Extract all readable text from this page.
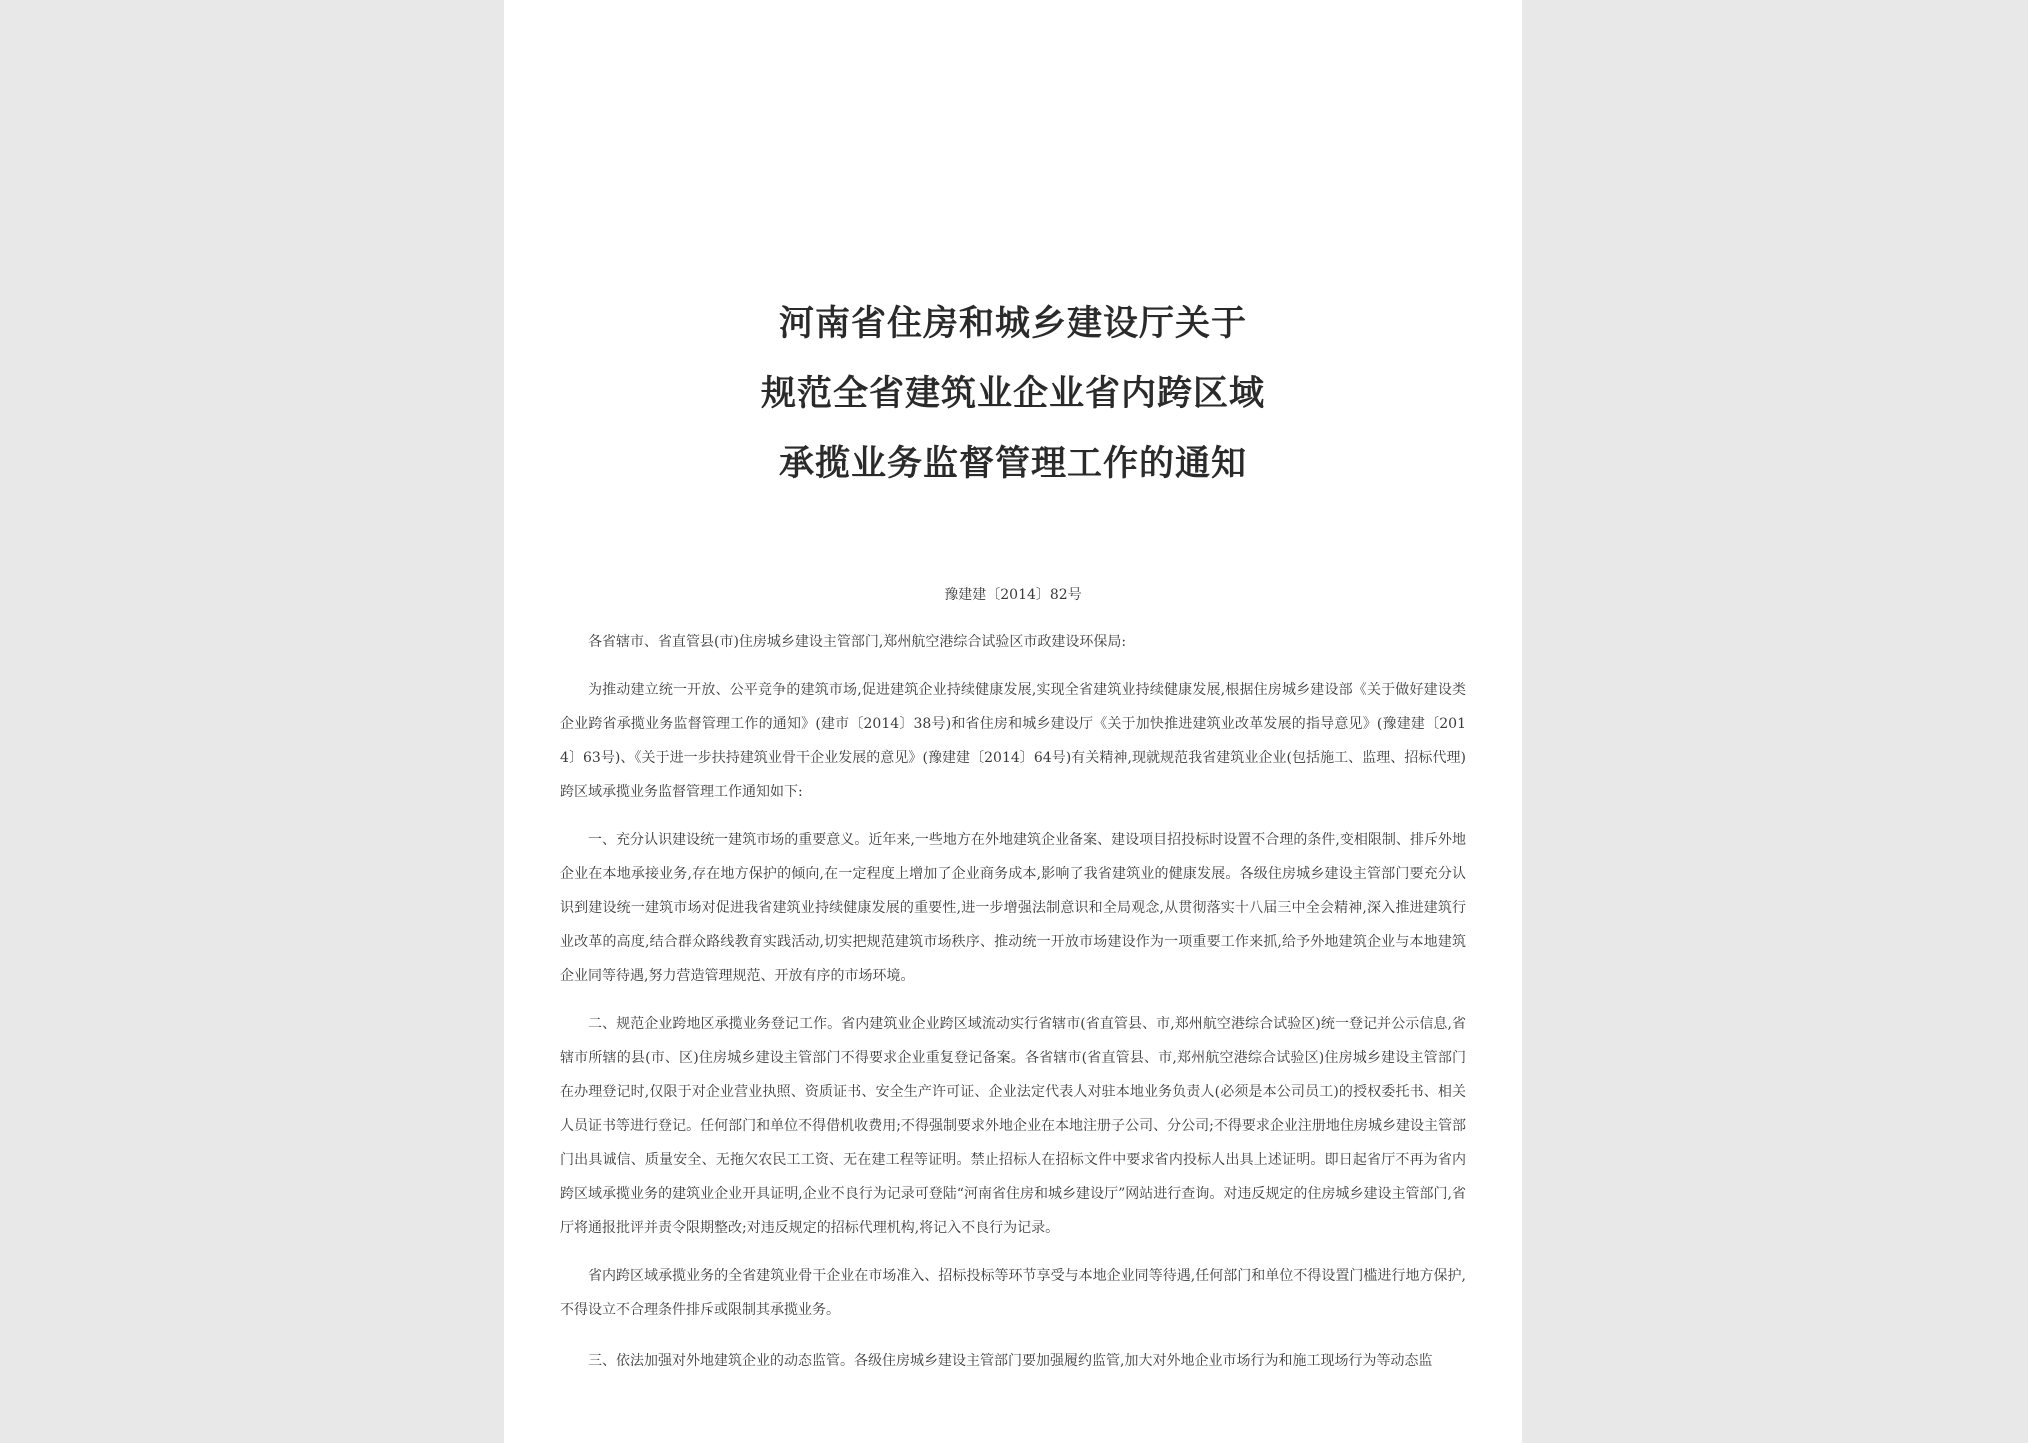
河南省住房和城乡建设厅关于
规范全省建筑业企业省内跨区域
承揽业务监督管理工作的通知
豫建建〔2014〕82号
各省辖市、省直管县(市)住房城乡建设主管部门,郑州航空港综合试验区市政建设环保局:

为推动建立统一开放、公平竞争的建筑市场,促进建筑企业持续健康发展,实现全省建筑业持续健康发展,根据住房城乡建设部《关于做好建设类企业跨省承揽业务监督管理工作的通知》(建市〔2014〕38号)和省住房和城乡建设厅《关于加快推进建筑业改革发展的指导意见》(豫建建〔2014〕63号)、《关于进一步扶持建筑业骨干企业发展的意见》(豫建建〔2014〕64号)有关精神,现就规范我省建筑业企业(包括施工、监理、招标代理)跨区域承揽业务监督管理工作通知如下:

一、充分认识建设统一建筑市场的重要意义。近年来,一些地方在外地建筑企业备案、建设项目招投标时设置不合理的条件,变相限制、排斥外地企业在本地承接业务,存在地方保护的倾向,在一定程度上增加了企业商务成本,影响了我省建筑业的健康发展。各级住房城乡建设主管部门要充分认识到建设统一建筑市场对促进我省建筑业持续健康发展的重要性,进一步增强法制意识和全局观念,从贯彻落实十八届三中全会精神,深入推进建筑行业改革的高度,结合群众路线教育实践活动,切实把规范建筑市场秩序、推动统一开放市场建设作为一项重要工作来抓,给予外地建筑企业与本地建筑企业同等待遇,努力营造管理规范、开放有序的市场环境。

二、规范企业跨地区承揽业务登记工作。省内建筑业企业跨区域流动实行省辖市(省直管县、市,郑州航空港综合试验区)统一登记并公示信息,省辖市所辖的县(市、区)住房城乡建设主管部门不得要求企业重复登记备案。各省辖市(省直管县、市,郑州航空港综合试验区)住房城乡建设主管部门在办理登记时,仅限于对企业营业执照、资质证书、安全生产许可证、企业法定代表人对驻本地业务负责人(必须是本公司员工)的授权委托书、相关人员证书等进行登记。任何部门和单位不得借机收费用;不得强制要求外地企业在本地注册子公司、分公司;不得要求企业注册地住房城乡建设主管部门出具诚信、质量安全、无拖欠农民工工资、无在建工程等证明。禁止招标人在招标文件中要求省内投标人出具上述证明。即日起省厅不再为省内跨区域承揽业务的建筑业企业开具证明,企业不良行为记录可登陆“河南省住房和城乡建设厅”网站进行查询。对违反规定的住房城乡建设主管部门,省厅将通报批评并责令限期整改;对违反规定的招标代理机构,将记入不良行为记录。

省内跨区域承揽业务的全省建筑业骨干企业在市场准入、招标投标等环节享受与本地企业同等待遇,任何部门和单位不得设置门槛进行地方保护,不得设立不合理条件排斥或限制其承揽业务。

三、依法加强对外地建筑企业的动态监管。各级住房城乡建设主管部门要加强履约监管,加大对外地企业市场行为和施工现场行为等动态监
